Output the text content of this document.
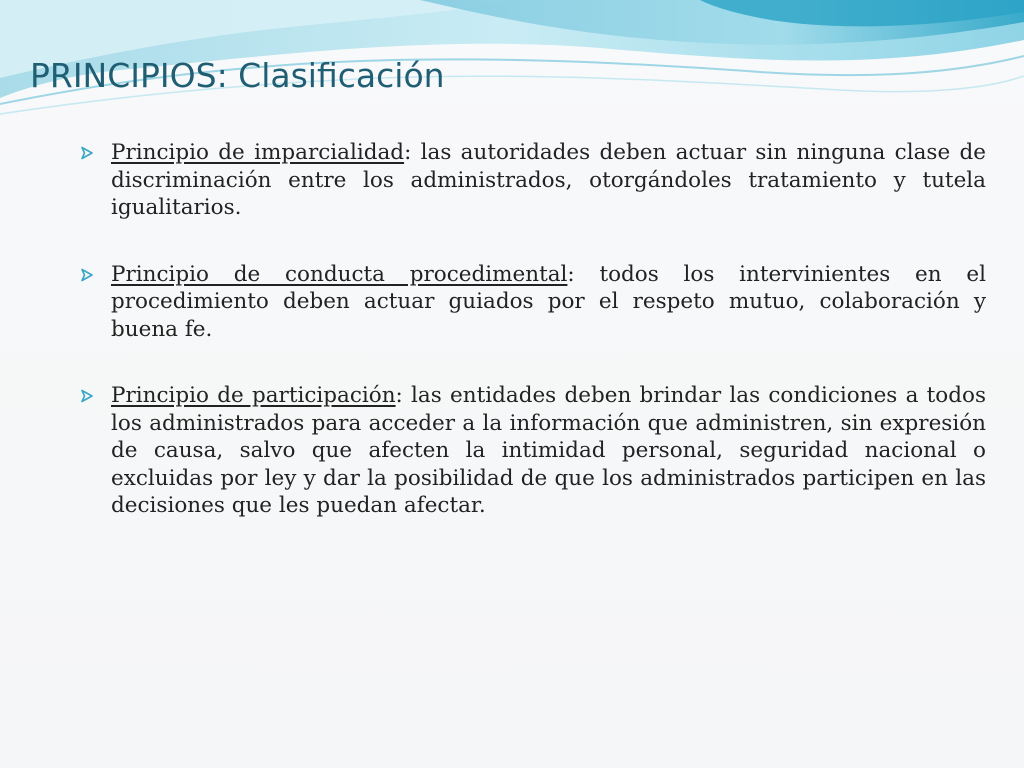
PRINCIPIOS: Clasificación

Principio de imparcialidad: las autoridades deben actuar sin ninguna clase de discriminación entre los administrados, otorgándoles tratamiento y tutela igualitarios.

Principio de conducta procedimental: todos los intervinientes en el procedimiento deben actuar guiados por el respeto mutuo, colaboración y buena fe.

Principio de participación: las entidades deben brindar las condiciones a todos los administrados para acceder a la información que administren, sin expresión de causa, salvo que afecten la intimidad personal, seguridad nacional o excluidas por ley y dar la posibilidad de que los administrados participen en las decisiones que les puedan afectar.
